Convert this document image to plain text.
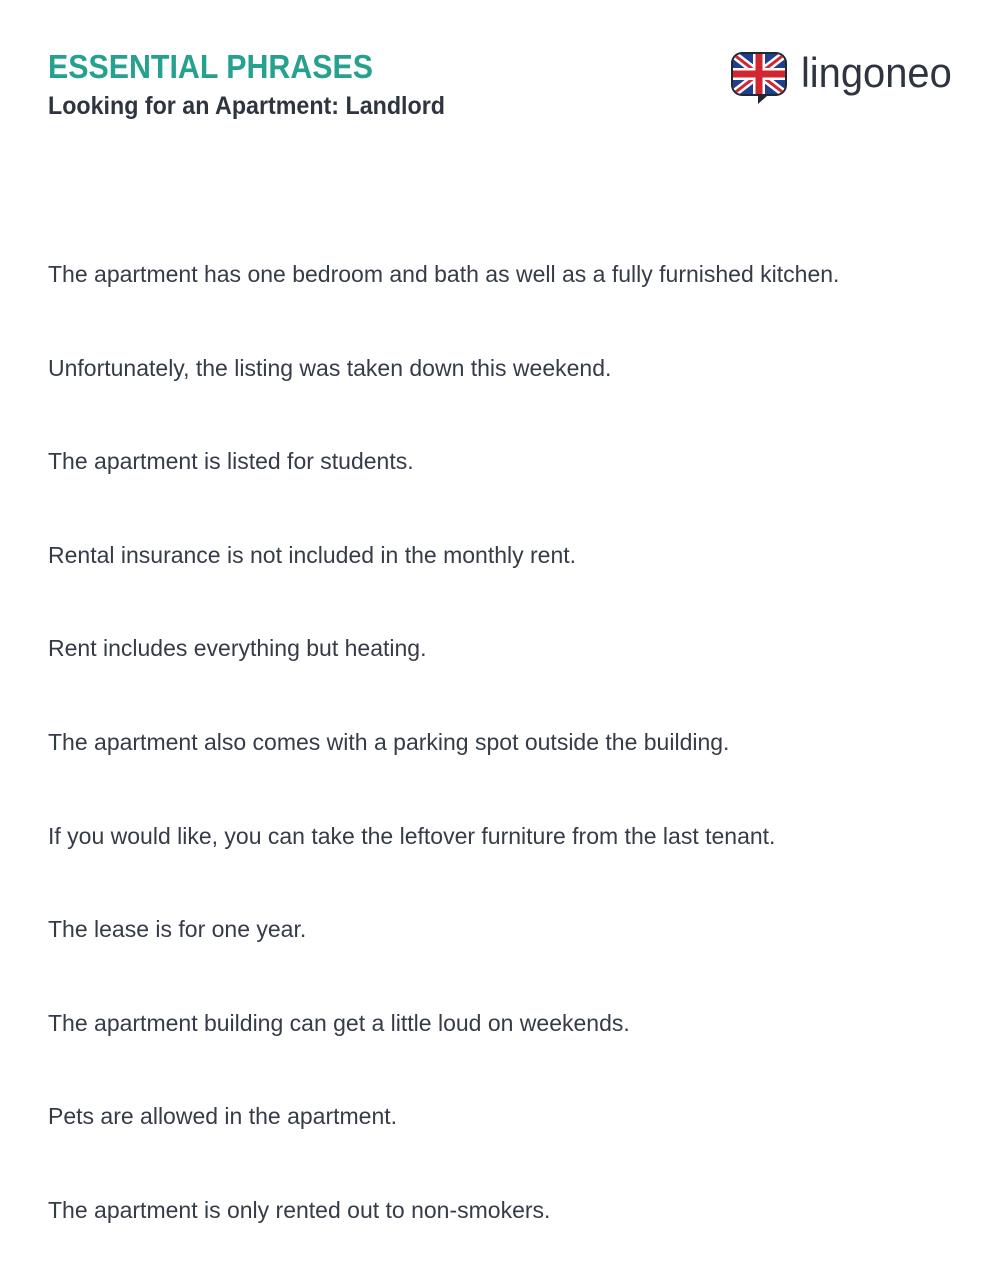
ESSENTIAL PHRASES
Looking for an Apartment: Landlord
lingoneo
The apartment has one bedroom and bath as well as a fully furnished kitchen.
Unfortunately, the listing was taken down this weekend.
The apartment is listed for students.
Rental insurance is not included in the monthly rent.
Rent includes everything but heating.
The apartment also comes with a parking spot outside the building.
If you would like, you can take the leftover furniture from the last tenant.
The lease is for one year.
The apartment building can get a little loud on weekends.
Pets are allowed in the apartment.
The apartment is only rented out to non-smokers.
